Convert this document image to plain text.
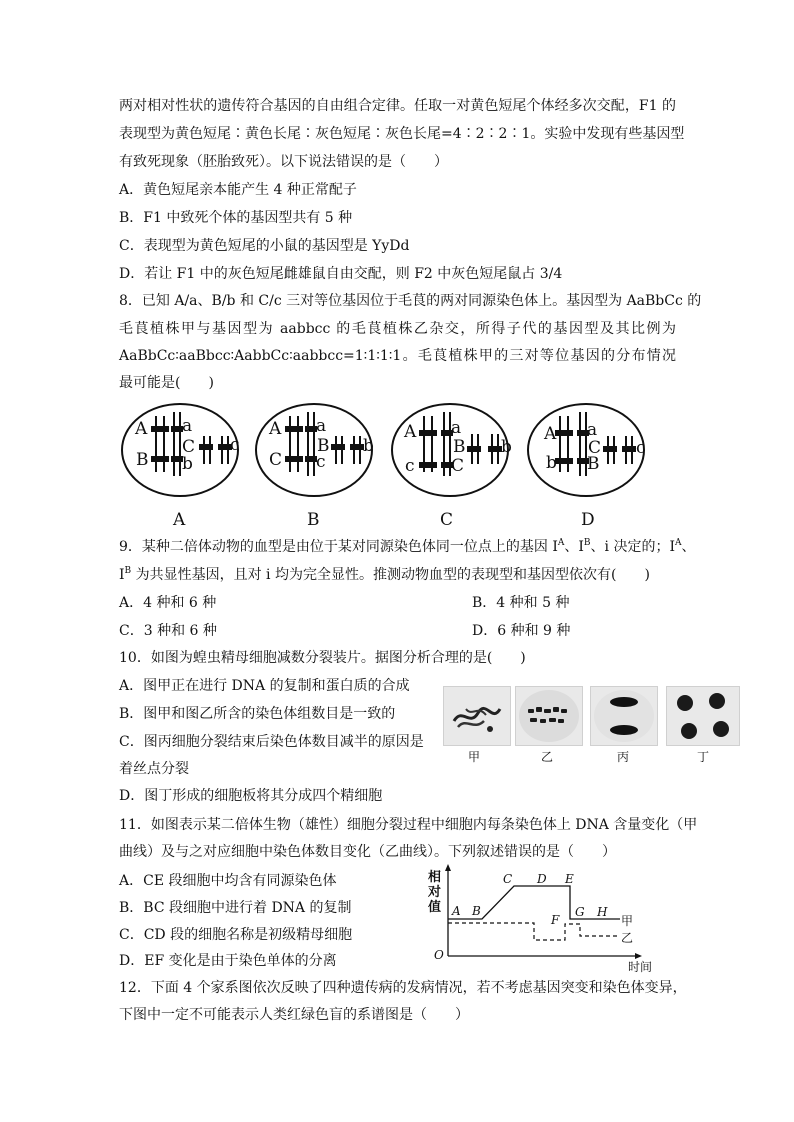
两对相对性状的遗传符合基因的自由组合定律。任取一对黄色短尾个体经多次交配，F1 的
表现型为黄色短尾∶黄色长尾∶灰色短尾∶灰色长尾=4∶2∶2∶1。实验中发现有些基因型
有致死现象（胚胎致死）。以下说法错误的是（　　）
A．黄色短尾亲本能产生 4 种正常配子
B．F1 中致死个体的基因型共有 5 种
C．表现型为黄色短尾的小鼠的基因型是 YyDd
D．若让 F1 中的灰色短尾雌雄鼠自由交配，则 F2 中灰色短尾鼠占 3/4
8．已知 A/a、B/b 和 C/c 三对等位基因位于毛茛的两对同源染色体上。基因型为 AaBbCc 的
毛茛植株甲与基因型为 aabbcc 的毛茛植株乙杂交，所得子代的基因型及其比例为
AaBbCc∶aaBbcc∶AabbCc∶aabbcc=1∶1∶1∶1。毛茛植株甲的三对等位基因的分布情况
最可能是(　　)
A
B
a
b
C c
A
C
a
c
B b
A
c
a
C
B b
A
b
a
B
C c
A	B	C	D
9．某种二倍体动物的血型是由位于某对同源染色体同一位点上的基因 $I^A$、$I^B$、i 决定的；$I^A$、
$I^B$ 为共显性基因，且对 i 均为完全显性。推测动物血型的表现型和基因型依次有(　　)
A．4 种和 6 种	B．4 种和 5 种
C．3 种和 6 种	D．6 种和 9 种
10．如图为蝗虫精母细胞减数分裂装片。据图分析合理的是(　　)
A．图甲正在进行 DNA 的复制和蛋白质的合成
B．图甲和图乙所含的染色体组数目是一致的
C．图丙细胞分裂结束后染色体数目减半的原因是
着丝点分裂
D．图丁形成的细胞板将其分成四个精细胞
甲	乙	丙	丁
11．如图表示某二倍体生物（雄性）细胞分裂过程中细胞内每条染色体上 DNA 含量变化（甲
曲线）及与之对应细胞中染色体数目变化（乙曲线）。下列叙述错误的是（　　）
A．CE 段细胞中均含有同源染色体
B．BC 段细胞中进行着 DNA 的复制
C．CD 段的细胞名称是初级精母细胞
D．EF 变化是由于染色单体的分离
相对值
O
时间
A B
C D E
F
G H
甲
乙
12．下面 4 个家系图依次反映了四种遗传病的发病情况，若不考虑基因突变和染色体变异，
下图中一定不可能表示人类红绿色盲的系谱图是（　　）
